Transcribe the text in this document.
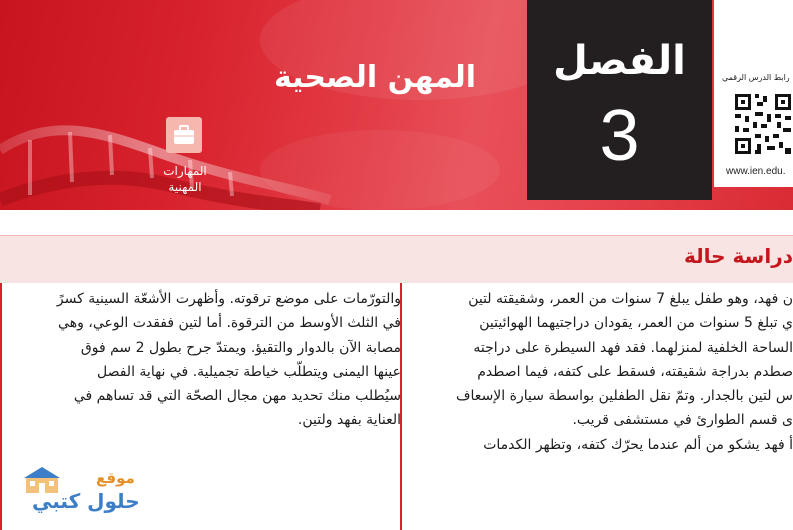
المهن الصحية
المهارات
المهنية
الفصل
3
رابط الدرس الرقمي
www.ien.edu.
دراسة حالة

ن فهد، وهو طفل يبلغ 7 سنوات من العمر، وشقيقته لتين

ي تبلغ 5 سنوات من العمر، يقودان دراجتيهما الهوائيتين

الساحة الخلفية لمنزلهما. فقد فهد السيطرة على دراجته

صطدم بدراجة شقيقته، فسقط على كتفه، فيما اصطدم

س لتين بالجدار. وتمّ نقل الطفلين بواسطة سيارة الإسعاف

ى قسم الطوارئ في مستشفى قريب.

أ فهد يشكو من ألم عندما يحرّك كتفه، وتظهر الكدمات

والتورّمات على موضع ترقوته. وأظهرت الأشعّة السينية كسرً

في الثلث الأوسط من الترقوة. أما لتين ففقدت الوعي، وهي

مصابة الآن بالدوار والتقيؤ. ويمتدّ جرح بطول 2 سم فوق

عينها اليمنى ويتطلّب خياطة تجميلية. في نهاية الفصل

سيُطلب منك تحديد مهن مجال الصحّة التي قد تساهم في

العناية بفهد ولتين.

موقع
حلول كتبي
